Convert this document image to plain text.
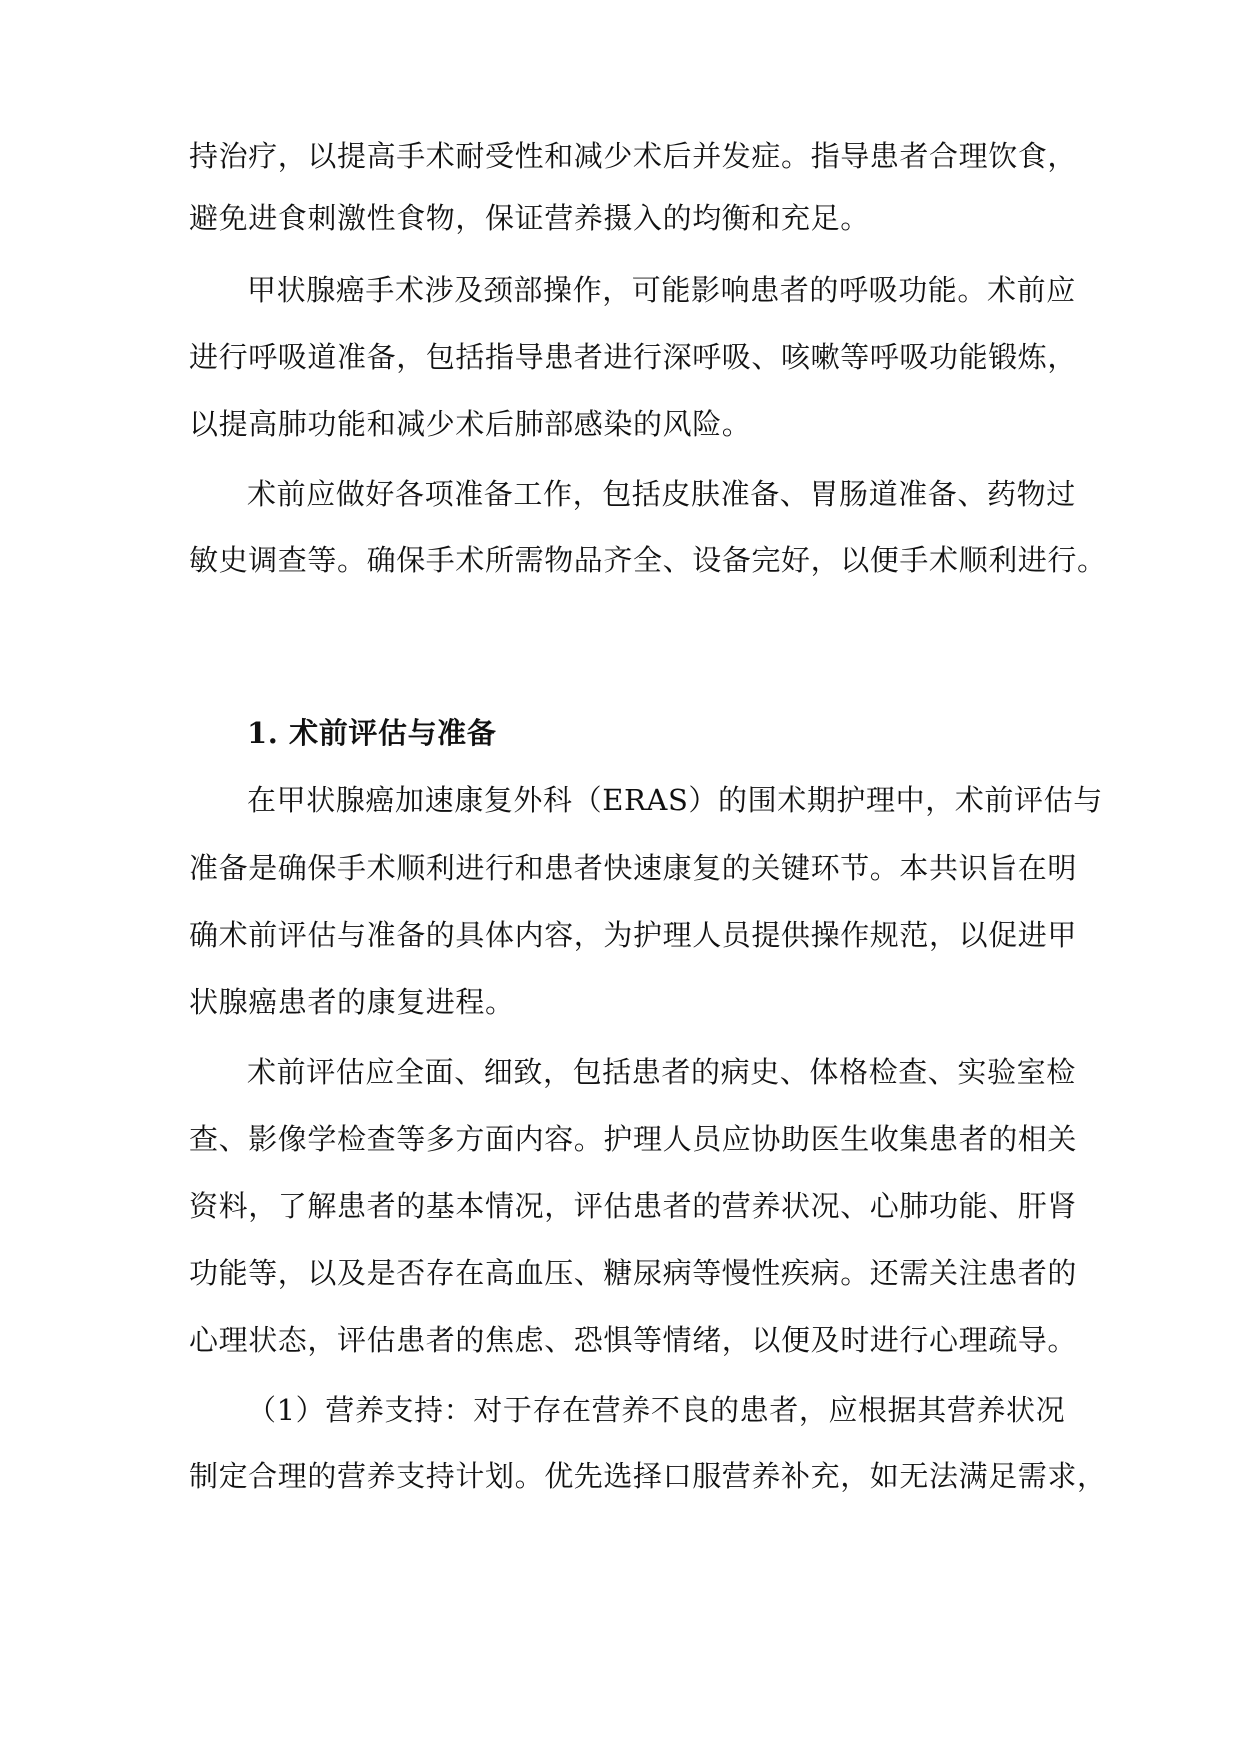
持治疗，以提高手术耐受性和减少术后并发症。指导患者合理饮食，

避免进食刺激性食物，保证营养摄入的均衡和充足。

甲状腺癌手术涉及颈部操作，可能影响患者的呼吸功能。术前应

进行呼吸道准备，包括指导患者进行深呼吸、咳嗽等呼吸功能锻炼，

以提高肺功能和减少术后肺部感染的风险。

术前应做好各项准备工作，包括皮肤准备、胃肠道准备、药物过

敏史调查等。确保手术所需物品齐全、设备完好，以便手术顺利进行。

1. 术前评估与准备

在甲状腺癌加速康复外科（ERAS）的围术期护理中，术前评估与

准备是确保手术顺利进行和患者快速康复的关键环节。本共识旨在明

确术前评估与准备的具体内容，为护理人员提供操作规范，以促进甲

状腺癌患者的康复进程。

术前评估应全面、细致，包括患者的病史、体格检查、实验室检

查、影像学检查等多方面内容。护理人员应协助医生收集患者的相关

资料，了解患者的基本情况，评估患者的营养状况、心肺功能、肝肾

功能等，以及是否存在高血压、糖尿病等慢性疾病。还需关注患者的

心理状态，评估患者的焦虑、恐惧等情绪，以便及时进行心理疏导。

（1）营养支持：对于存在营养不良的患者，应根据其营养状况

制定合理的营养支持计划。优先选择口服营养补充，如无法满足需求，
